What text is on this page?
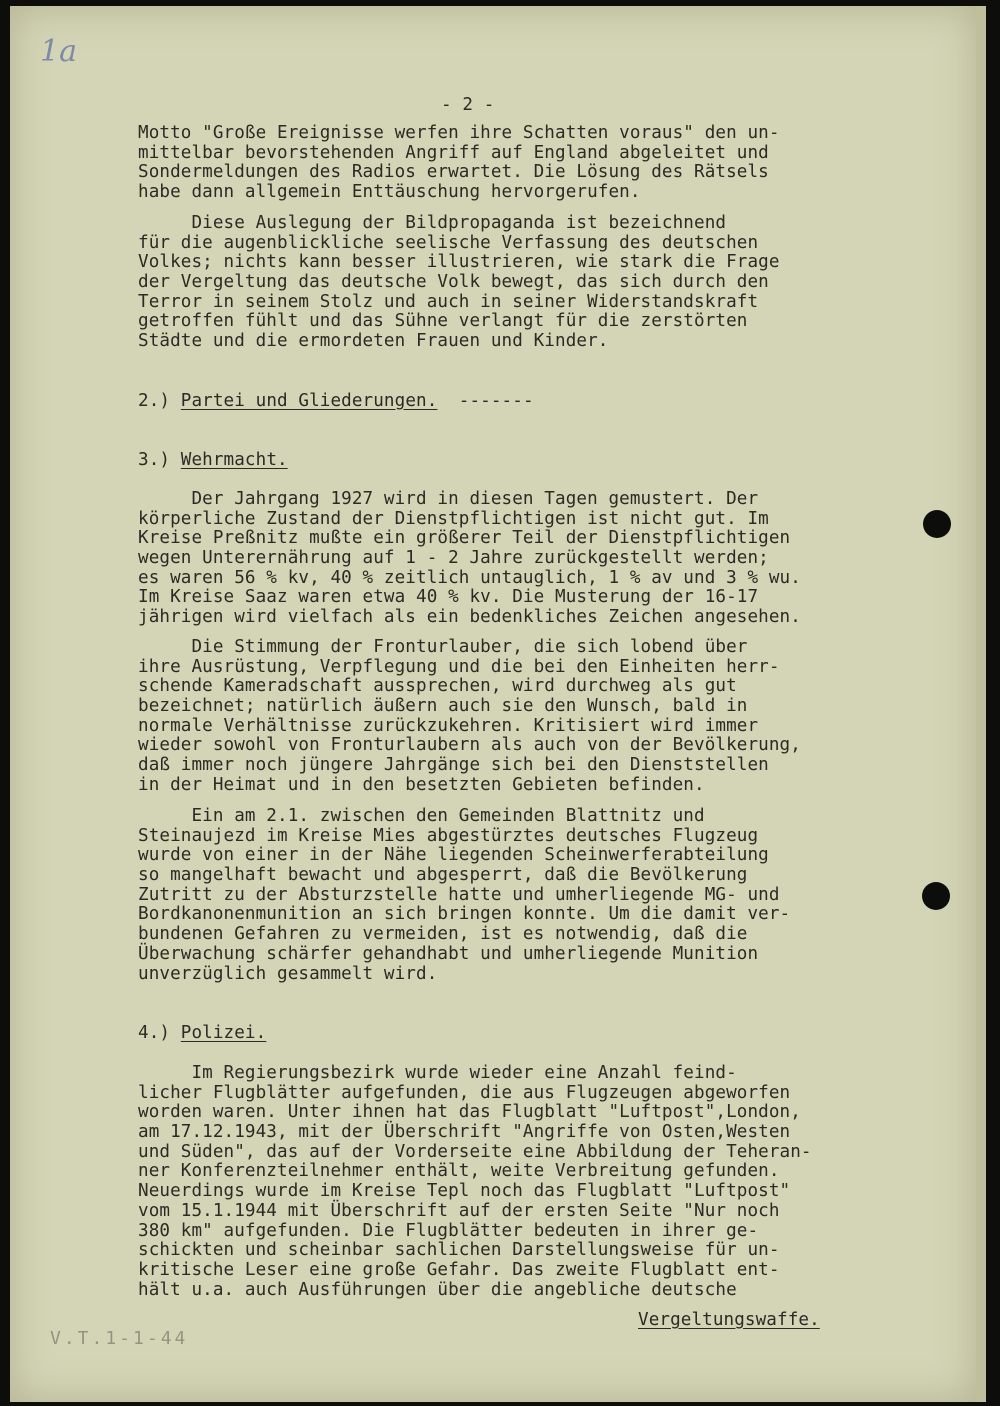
1a
- 2 -
Motto "Große Ereignisse werfen ihre Schatten voraus" den un-
mittelbar bevorstehenden Angriff auf England abgeleitet und
Sondermeldungen des Radios erwartet. Die Lösung des Rätsels
habe dann allgemein Enttäuschung hervorgerufen.
Diese Auslegung der Bildpropaganda ist bezeichnend
für die augenblickliche seelische Verfassung des deutschen
Volkes; nichts kann besser illustrieren, wie stark die Frage
der Vergeltung das deutsche Volk bewegt, das sich durch den
Terror in seinem Stolz und auch in seiner Widerstandskraft
getroffen fühlt und das Sühne verlangt für die zerstörten
Städte und die ermordeten Frauen und Kinder.
2.) Partei und Gliederungen.  -------
3.) Wehrmacht.
Der Jahrgang 1927 wird in diesen Tagen gemustert. Der
körperliche Zustand der Dienstpflichtigen ist nicht gut. Im
Kreise Preßnitz mußte ein größerer Teil der Dienstpflichtigen
wegen Unterernährung auf 1 - 2 Jahre zurückgestellt werden;
es waren 56 % kv, 40 % zeitlich untauglich, 1 % av und 3 % wu.
Im Kreise Saaz waren etwa 40 % kv. Die Musterung der 16-17
jährigen wird vielfach als ein bedenkliches Zeichen angesehen.
Die Stimmung der Fronturlauber, die sich lobend über
ihre Ausrüstung, Verpflegung und die bei den Einheiten herr-
schende Kameradschaft aussprechen, wird durchweg als gut
bezeichnet; natürlich äußern auch sie den Wunsch, bald in
normale Verhältnisse zurückzukehren. Kritisiert wird immer
wieder sowohl von Fronturlaubern als auch von der Bevölkerung,
daß immer noch jüngere Jahrgänge sich bei den Dienststellen
in der Heimat und in den besetzten Gebieten befinden.
Ein am 2.1. zwischen den Gemeinden Blattnitz und
Steinaujezd im Kreise Mies abgestürztes deutsches Flugzeug
wurde von einer in der Nähe liegenden Scheinwerferabteilung
so mangelhaft bewacht und abgesperrt, daß die Bevölkerung
Zutritt zu der Absturzstelle hatte und umherliegende MG- und
Bordkanonenmunition an sich bringen konnte. Um die damit ver-
bundenen Gefahren zu vermeiden, ist es notwendig, daß die
Überwachung schärfer gehandhabt und umherliegende Munition
unverzüglich gesammelt wird.
4.) Polizei.
Im Regierungsbezirk wurde wieder eine Anzahl feind-
licher Flugblätter aufgefunden, die aus Flugzeugen abgeworfen
worden waren. Unter ihnen hat das Flugblatt "Luftpost",London,
am 17.12.1943, mit der Überschrift "Angriffe von Osten,Westen
und Süden", das auf der Vorderseite eine Abbildung der Teheran-
ner Konferenzteilnehmer enthält, weite Verbreitung gefunden.
Neuerdings wurde im Kreise Tepl noch das Flugblatt "Luftpost"
vom 15.1.1944 mit Überschrift auf der ersten Seite "Nur noch
380 km" aufgefunden. Die Flugblätter bedeuten in ihrer ge-
schickten und scheinbar sachlichen Darstellungsweise für un-
kritische Leser eine große Gefahr. Das zweite Flugblatt ent-
hält u.a. auch Ausführungen über die angebliche deutsche
Vergeltungswaffe.
V.T.1-1-44
